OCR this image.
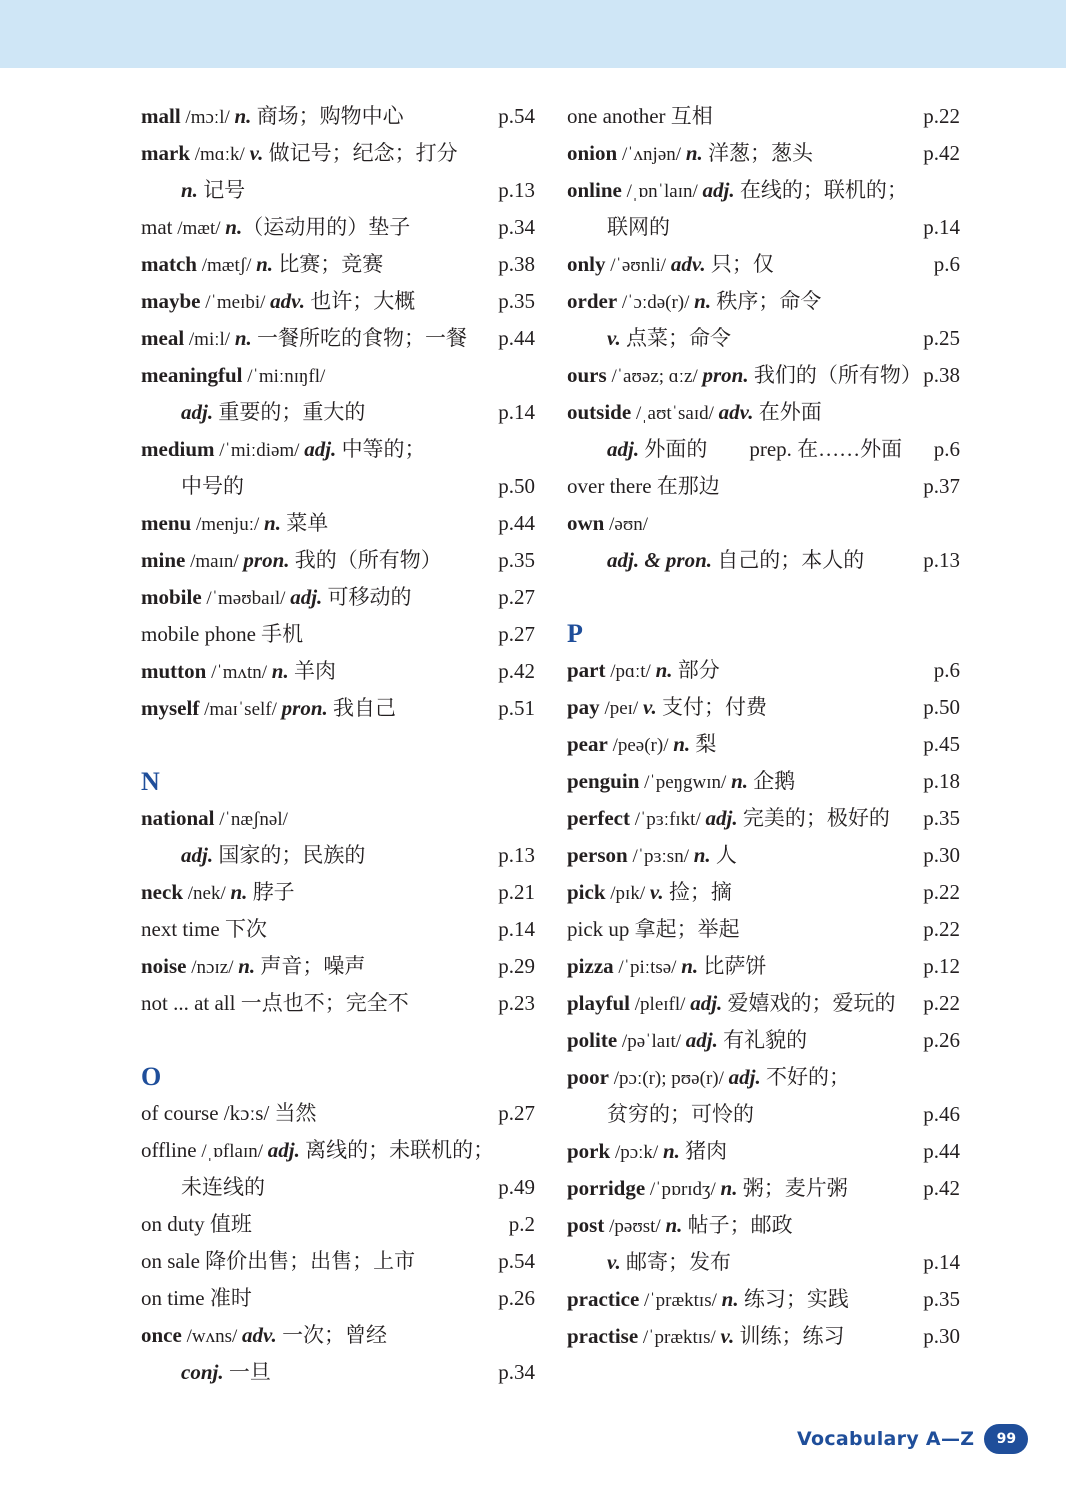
mall /mɔːl/ n. 商场；购物中心	p.54
mark /mɑːk/ v. 做记号；纪念；打分
n. 记号	p.13
mat /mæt/ n.（运动用的）垫子	p.34
match /mætʃ/ n. 比赛；竞赛	p.38
maybe /ˈmeɪbi/ adv. 也许；大概	p.35
meal /miːl/ n. 一餐所吃的食物；一餐 p.44
meaningful /ˈmiːnɪŋfl/
adj. 重要的；重大的	p.14
medium /ˈmiːdiəm/ adj. 中等的；
中号的	p.50
menu /menjuː/ n. 菜单	p.44
mine /maɪn/ pron. 我的（所有物）	p.35
mobile /ˈməʊbaɪl/ adj. 可移动的	p.27
mobile phone 手机	p.27
mutton /ˈmʌtn/ n. 羊肉	p.42
myself /maɪˈself/ pron. 我自己	p.51
N
national /ˈnæʃnəl/
adj. 国家的；民族的	p.13
neck /nek/ n. 脖子	p.21
next time 下次	p.14
noise /nɔɪz/ n. 声音；噪声	p.29
not ... at all 一点也不；完全不	p.23
O
of course /kɔːs/ 当然	p.27
offline /ˌɒflaɪn/ adj. 离线的；未联机的；
未连线的	p.49
on duty 值班	p.2
on sale 降价出售；出售；上市	p.54
on time 准时	p.26
once /wʌns/ adv. 一次；曾经
conj. 一旦	p.34
one another 互相	p.22
onion /ˈʌnjən/ n. 洋葱；葱头	p.42
online /ˌɒnˈlaɪn/ adj. 在线的；联机的；
联网的	p.14
only /ˈəʊnli/ adv. 只；仅	p.6
order /ˈɔːdə(r)/ n. 秩序；命令
v. 点菜；命令	p.25
ours /ˈaʊəz; ɑːz/ pron. 我们的（所有物） p.38
outside /ˌaʊtˈsaɪd/ adv. 在外面
adj. 外面的　　prep. 在……外面 p.6
over there 在那边	p.37
own /əʊn/
adj. & pron. 自己的；本人的	p.13
P
part /pɑːt/ n. 部分	p.6
pay /peɪ/ v. 支付；付费	p.50
pear /peə(r)/ n. 梨	p.45
penguin /ˈpeŋgwɪn/ n. 企鹅	p.18
perfect /ˈpɜːfɪkt/ adj. 完美的；极好的 p.35
person /ˈpɜːsn/ n. 人	p.30
pick /pɪk/ v. 捡；摘	p.22
pick up 拿起；举起	p.22
pizza /ˈpiːtsə/ n. 比萨饼	p.12
playful /pleɪfl/ adj. 爱嬉戏的；爱玩的 p.22
polite /pəˈlaɪt/ adj. 有礼貌的	p.26
poor /pɔː(r); pʊə(r)/ adj. 不好的；
贫穷的；可怜的	p.46
pork /pɔːk/ n. 猪肉	p.44
porridge /ˈpɒrɪdʒ/ n. 粥；麦片粥	p.42
post /pəʊst/ n. 帖子；邮政
v. 邮寄；发布	p.14
practice /ˈpræktɪs/ n. 练习；实践	p.35
practise /ˈpræktɪs/ v. 训练；练习	p.30
Vocabulary A—Z	99
